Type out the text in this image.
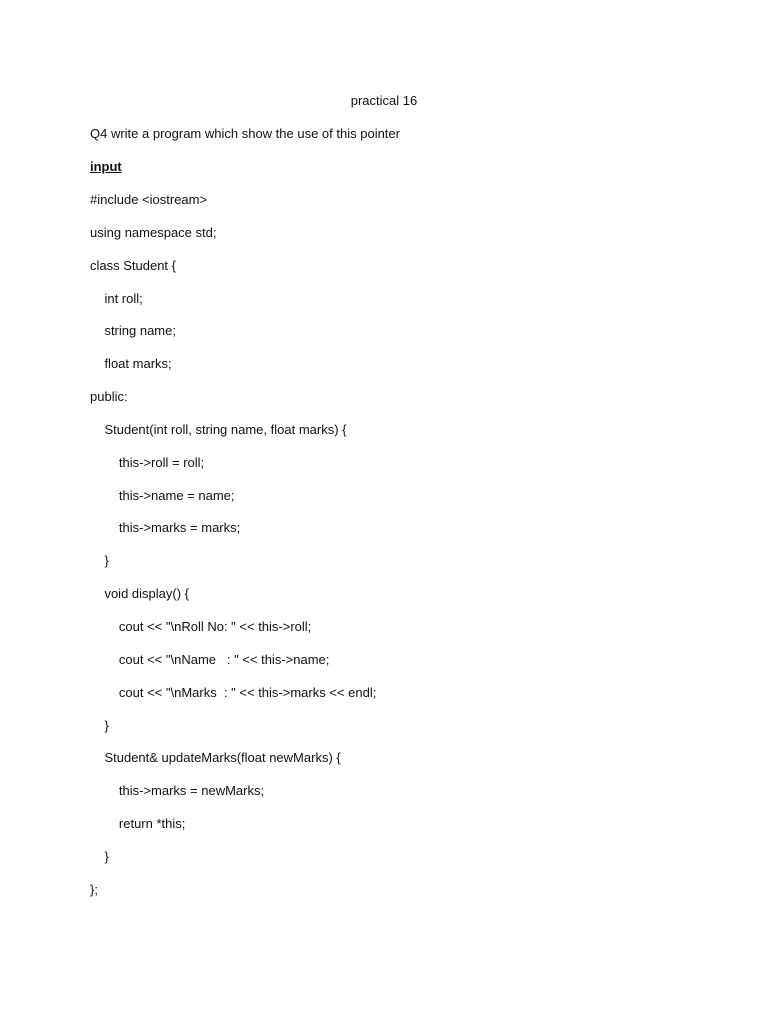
practical 16
Q4 write a program which show the use of this pointer
input
#include <iostream>
using namespace std;
class Student {
int roll;
string name;
float marks;
public:
Student(int roll, string name, float marks) {
this->roll = roll;
this->name = name;
this->marks = marks;
}
void display() {
cout << "\nRoll No: " << this->roll;
cout << "\nName   : " << this->name;
cout << "\nMarks  : " << this->marks << endl;
}
Student& updateMarks(float newMarks) {
this->marks = newMarks;
return *this;
}
};
